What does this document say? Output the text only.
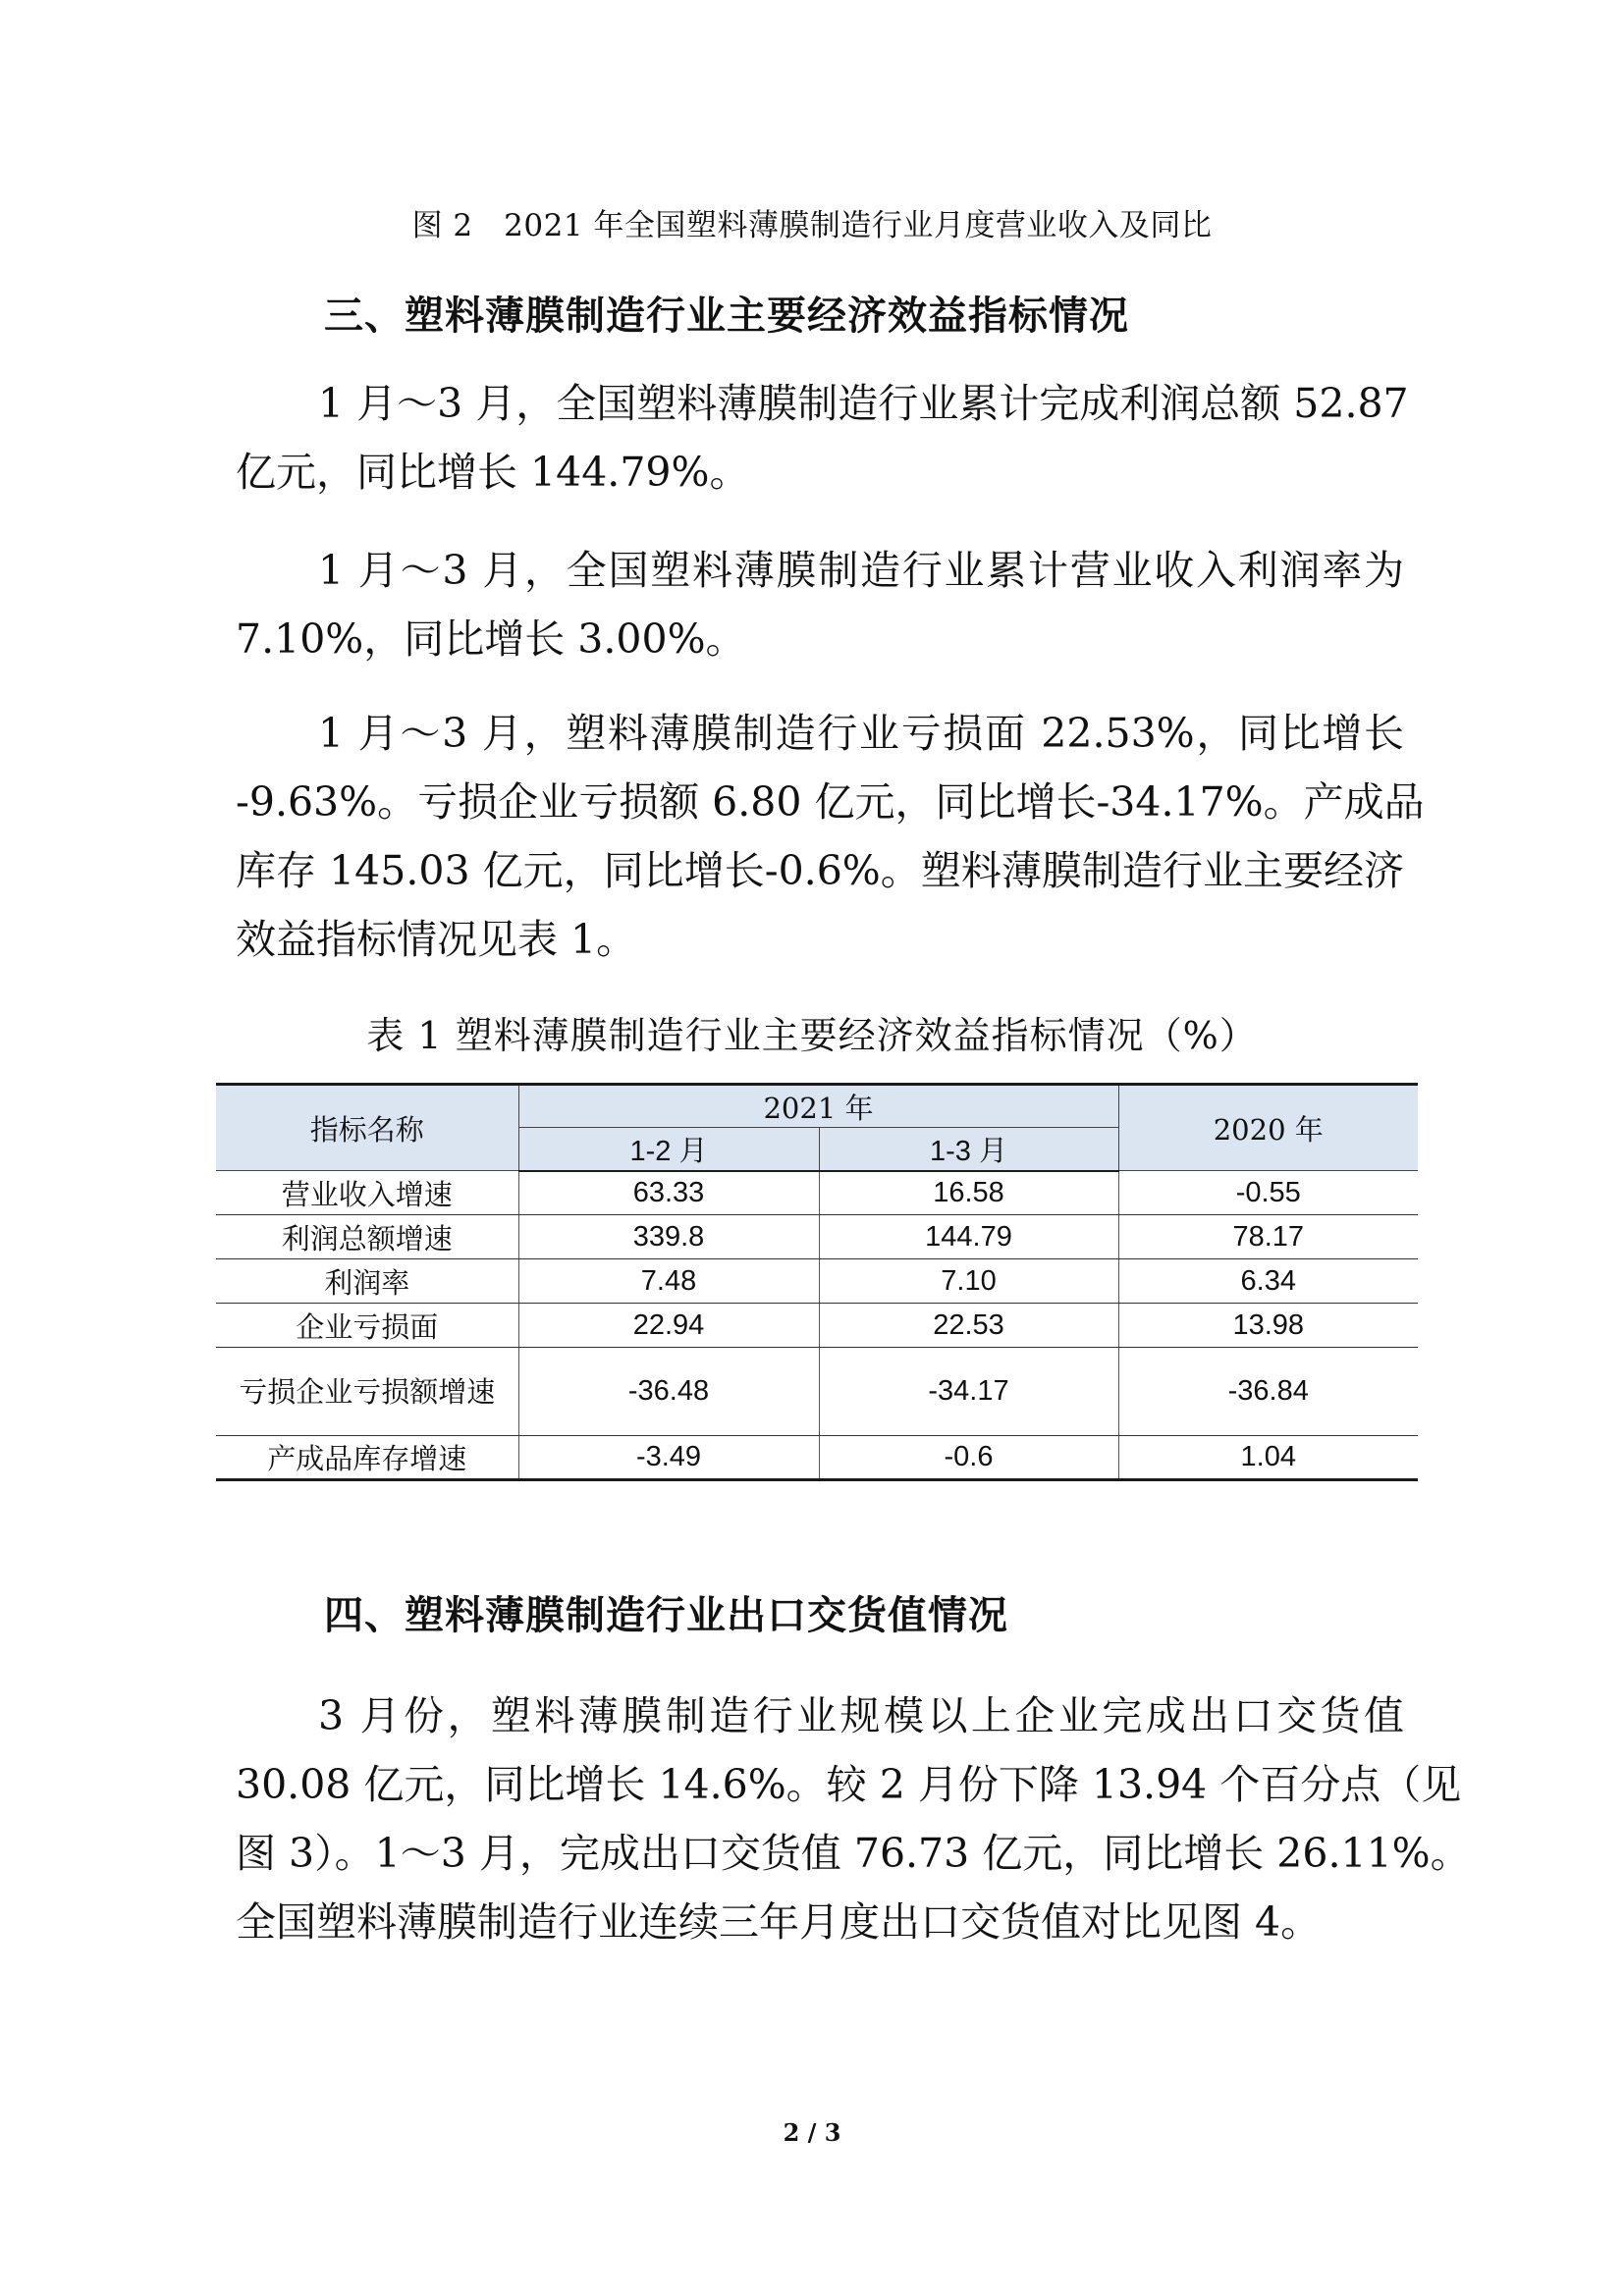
图 2　2021 年全国塑料薄膜制造行业月度营业收入及同比
三、塑料薄膜制造行业主要经济效益指标情况
1 月～3 月，全国塑料薄膜制造行业累计完成利润总额 52.87
亿元，同比增长 144.79%。
1 月～3 月，全国塑料薄膜制造行业累计营业收入利润率为
7.10%，同比增长 3.00%。
1 月～3 月，塑料薄膜制造行业亏损面 22.53%，同比增长
-9.63%。亏损企业亏损额 6.80 亿元，同比增长-34.17%。产成品
库存 145.03 亿元，同比增长-0.6%。塑料薄膜制造行业主要经济
效益指标情况见表 1。
表 1 塑料薄膜制造行业主要经济效益指标情况（%）
指标名称	2021 年		2020 年
	1-2 月	1-3 月	
营业收入增速	63.33	16.58	-0.55
利润总额增速	339.8	144.79	78.17
利润率	7.48	7.10	6.34
企业亏损面	22.94	22.53	13.98
亏损企业亏损额增速	-36.48	-34.17	-36.84
产成品库存增速	-3.49	-0.6	1.04
四、塑料薄膜制造行业出口交货值情况
3 月份，塑料薄膜制造行业规模以上企业完成出口交货值
30.08 亿元，同比增长 14.6%。较 2 月份下降 13.94 个百分点（见
图 3）。1～3 月，完成出口交货值 76.73 亿元，同比增长 26.11%。
全国塑料薄膜制造行业连续三年月度出口交货值对比见图 4。
2 / 3
